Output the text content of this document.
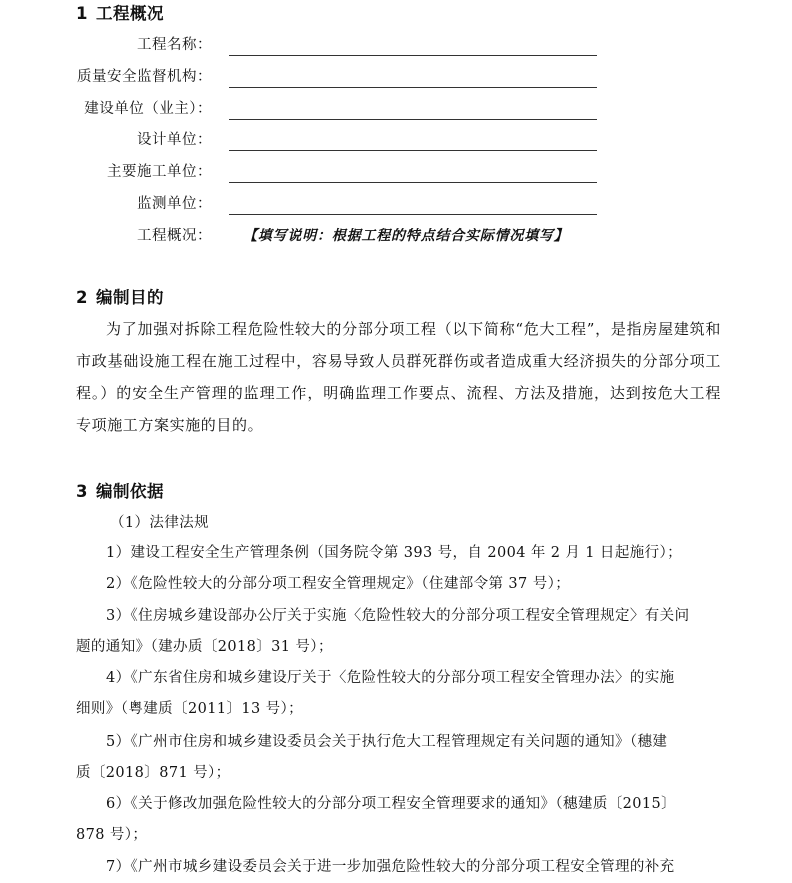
1 工程概况
工程名称：
质量安全监督机构：
建设单位（业主）：
设计单位：
主要施工单位：
监测单位：
工程概况： 【填写说明：根据工程的特点结合实际情况填写】
2 编制目的

为了加强对拆除工程危险性较大的分部分项工程（以下简称“危大工程”，是指房屋建筑和市政基础设施工程在施工过程中，容易导致人员群死群伤或者造成重大经济损失的分部分项工程。）的安全生产管理的监理工作，明确监理工作要点、流程、方法及措施，达到按危大工程专项施工方案实施的目的。

3 编制依据

（1）法律法规

1）建设工程安全生产管理条例（国务院令第 393 号，自 2004 年 2 月 1 日起施行）；
2）《危险性较大的分部分项工程安全管理规定》（住建部令第 37 号）；
3）《住房城乡建设部办公厅关于实施〈危险性较大的分部分项工程安全管理规定〉有关问
题的通知》（建办质〔2018〕31 号）；
4）《广东省住房和城乡建设厅关于〈危险性较大的分部分项工程安全管理办法〉的实施
细则》（粤建质〔2011〕13 号）；
5）《广州市住房和城乡建设委员会关于执行危大工程管理规定有关问题的通知》（穗建
质〔2018〕871 号）；
6）《关于修改加强危险性较大的分部分项工程安全管理要求的通知》（穗建质〔2015〕
878 号）；
7）《广州市城乡建设委员会关于进一步加强危险性较大的分部分项工程安全管理的补充
